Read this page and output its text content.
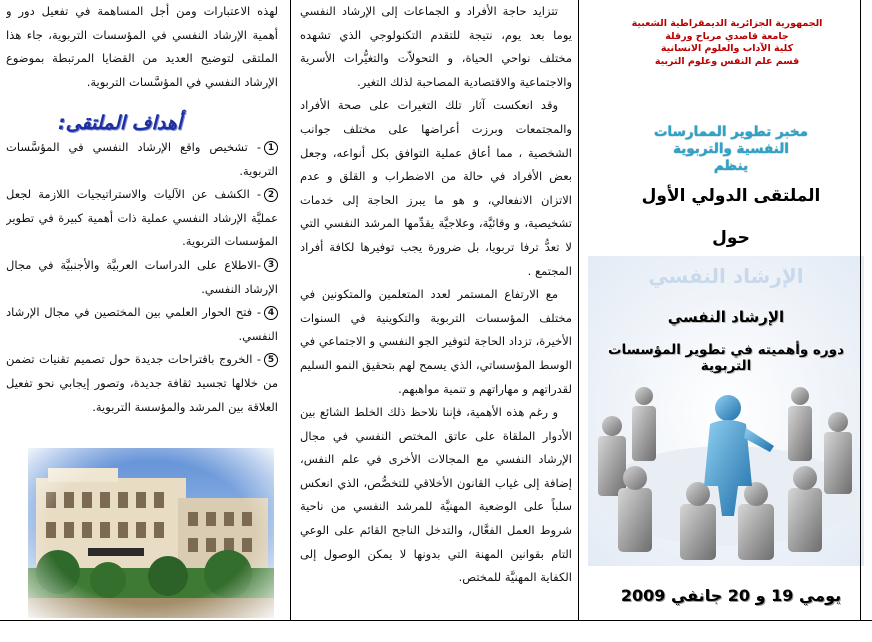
لهذه الاعتبارات ومن أجل المساهمة في تفعيل دور و أهمية الإرشاد النفسي في المؤسسات التربوية، جاء هذا الملتقى لتوضيح العديد من القضايا المرتبطة بموضوع الإرشاد النفسي في المؤسَّسات التربوية.

أهداف الملتقى:

1- تشخيص واقع الإرشاد النفسي في المؤسَّسات التربوية.

2- الكشف عن الآليات والاستراتيجيات اللازمة لجعل عمليَّة الإرشاد النفسي عملية ذات أهمية كبيرة في تطوير المؤسسات التربوية.

3-الاطلاع على الدراسات العربيَّة والأجنبيَّة في مجال الإرشاد النفسي.

4- فتح الحوار العلمي بين المختصين في مجال الإرشاد النفسي.

5- الخروج باقتراحات جديدة حول تصميم تقنيات تضمن من خلالها تجسيد ثقافة جديدة، وتصور إيجابي نحو تفعيل العلاقة بين المرشد والمؤسسة التربوية.

تتزايد حاجة الأفراد و الجماعات إلى الإرشاد النفسي يوما بعد يوم، نتيجة للتقدم التكنولوجي الذي تشهده مختلف نواحي الحياة، و التحولاّت والتغيُّرات الأسرية والاجتماعية والاقتصادية المصاحبة لذلك التغير.

وقد انعكست آثار تلك التغيرات على صحة الأفراد والمجتمعات وبرزت أعراضها على مختلف جوانب الشخصية ، مما أعاق عملية التوافق بكل أنواعه، وجعل بعض الأفراد في حالة من الاضطراب و القلق و عدم الاتزان الانفعالي، و هو ما يبرز الحاجة إلى خدمات تشخيصية، و وقائيَّة، وعلاجيَّة يقدِّمها المرشد النفسي التي لا تعدُّ ترفا تربويا، بل ضرورة يجب توفيرها لكافة أفراد المجتمع .

مع الارتفاع المستمر لعدد المتعلمين والمتكونين في مختلف المؤسسات التربوية والتكوينية في السنوات الأخيرة، تزداد الحاجة لتوفير الجو النفسي و الاجتماعي في الوسط المؤسساتي، الذي يسمح لهم بتحقيق النمو السليم لقدراتهم و مهاراتهم و تنمية مواهبهم.

و رغم هذه الأهمية، فإننا نلاحظ ذلك الخلط الشائع بين الأدوار الملقاة على عاتق المختص النفسي في مجال الإرشاد النفسي مع المجالات الأخرى في علم النفس، إضافة إلى غياب القانون الأخلاقي للتخصُّص، الذي انعكس سلباً على الوضعية المهنيَّة للمرشد النفسي من ناحية شروط العمل الفعَّال، والتدخل الناجح القائم على الوعي التام بقوانين المهنة التي بدونها لا يمكن الوصول إلى الكفاية المهنيَّة للمختص.

الجمهورية الجزائرية الديمقراطية الشعبية
جامعة قاصدي مرباح ورقلة
كلية الآداب والعلوم الانسانية
قسم علم النفس وعلوم التربية
مخبر تطوير الممارسات
النفسية والتربوية
ينظم
الملتقى الدولي الأول
حول
الإرشاد النفسي
الإرشاد النفسي
دوره وأهميته في تطوير المؤسسات التربوية
يومي 19 و 20 جانفي 2009
